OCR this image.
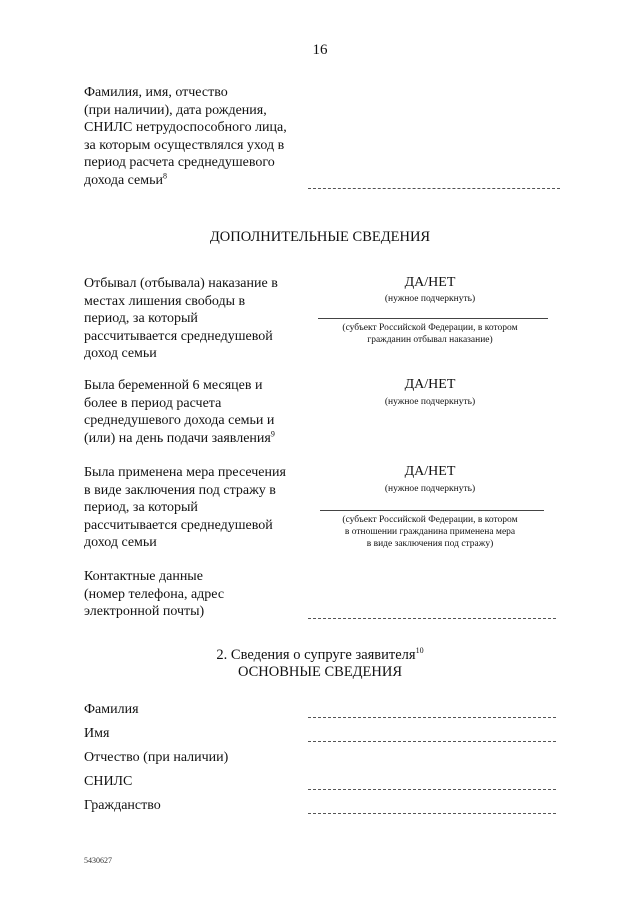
16
Фамилия, имя, отчество
(при наличии), дата рождения,
СНИЛС нетрудоспособного лица,
за которым осуществлялся уход в
период расчета среднедушевого
дохода семьи$^8$
ДОПОЛНИТЕЛЬНЫЕ СВЕДЕНИЯ
Отбывал (отбывала) наказание в
местах лишения свободы в
период, за который
рассчитывается среднедушевой
доход семьи
ДА/НЕТ
(нужное подчеркнуть)
(субъект Российской Федерации, в котором
гражданин отбывал наказание)
Была беременной 6 месяцев и
более в период расчета
среднедушевого дохода семьи и
(или) на день подачи заявления$^9$
ДА/НЕТ
(нужное подчеркнуть)
Была применена мера пресечения
в виде заключения под стражу в
период, за который
рассчитывается среднедушевой
доход семьи
ДА/НЕТ
(нужное подчеркнуть)
(субъект Российской Федерации, в котором
в отношении гражданина применена мера
в виде заключения под стражу)
Контактные данные
(номер телефона, адрес
электронной почты)
2. Сведения о супруге заявителя$^{10}$
ОСНОВНЫЕ СВЕДЕНИЯ
Фамилия
Имя
Отчество (при наличии)
СНИЛС
Гражданство
5430627
